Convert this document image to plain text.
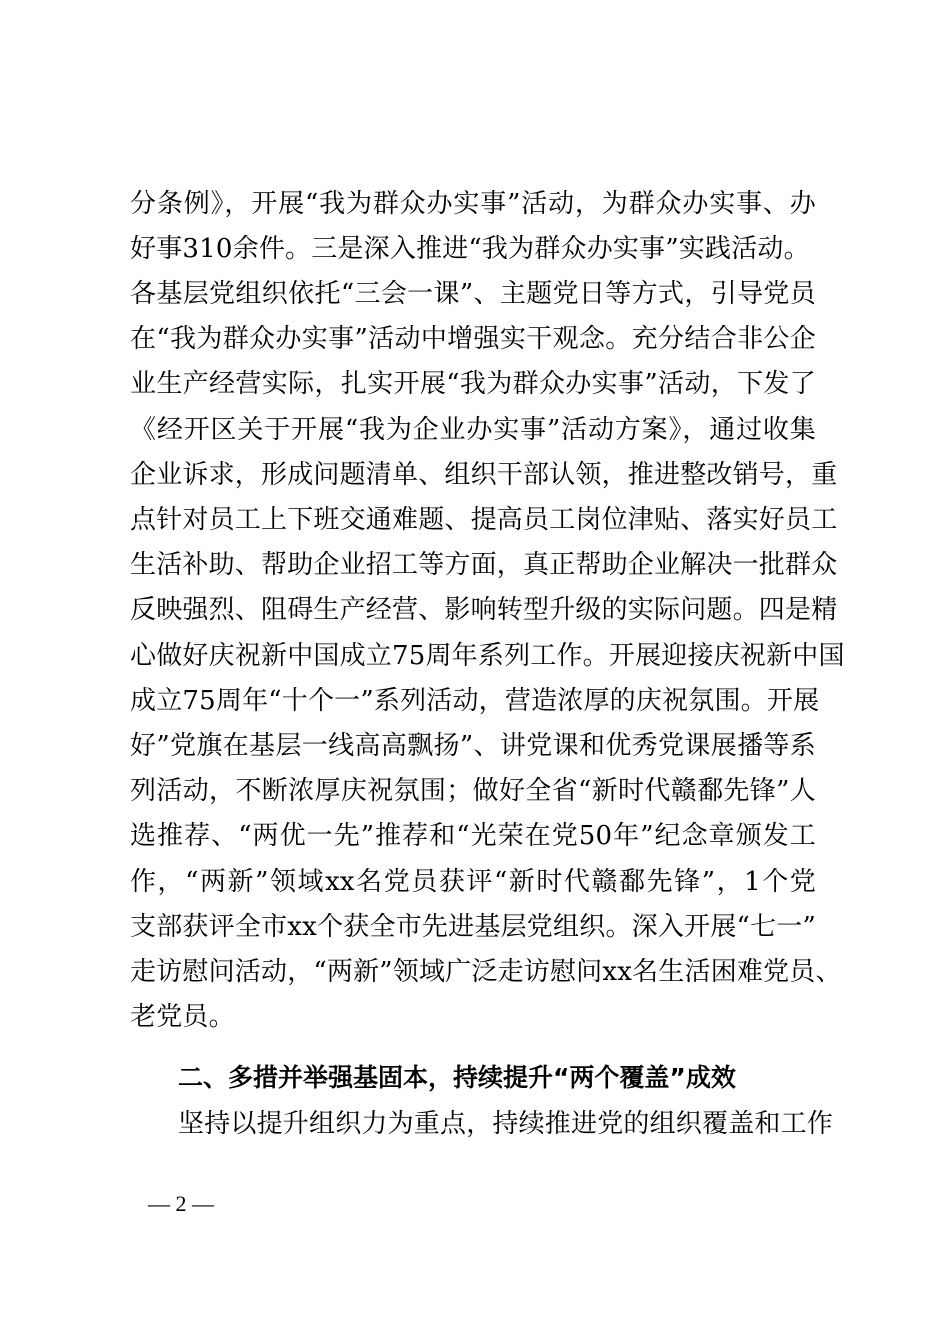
分条例》，开展“我为群众办实事”活动，为群众办实事、办
好事310余件。三是深入推进“我为群众办实事”实践活动。
各基层党组织依托“三会一课”、主题党日等方式，引导党员
在“我为群众办实事”活动中增强实干观念。充分结合非公企
业生产经营实际，扎实开展“我为群众办实事”活动，下发了
《经开区关于开展“我为企业办实事”活动方案》，通过收集
企业诉求，形成问题清单、组织干部认领，推进整改销号，重
点针对员工上下班交通难题、提高员工岗位津贴、落实好员工
生活补助、帮助企业招工等方面，真正帮助企业解决一批群众
反映强烈、阻碍生产经营、影响转型升级的实际问题。四是精
心做好庆祝新中国成立75周年系列工作。开展迎接庆祝新中国
成立75周年“十个一”系列活动，营造浓厚的庆祝氛围。开展
好”党旗在基层一线高高飘扬”、讲党课和优秀党课展播等系
列活动，不断浓厚庆祝氛围；做好全省“新时代赣鄱先锋”人
选推荐、“两优一先”推荐和“光荣在党50年”纪念章颁发工
作，“两新”领域xx名党员获评“新时代赣鄱先锋”，1个党
支部获评全市xx个获全市先进基层党组织。深入开展“七一”
走访慰问活动，“两新”领域广泛走访慰问xx名生活困难党员、
老党员。
二、多措并举强基固本，持续提升“两个覆盖”成效
坚持以提升组织力为重点，持续推进党的组织覆盖和工作
— 2 —
